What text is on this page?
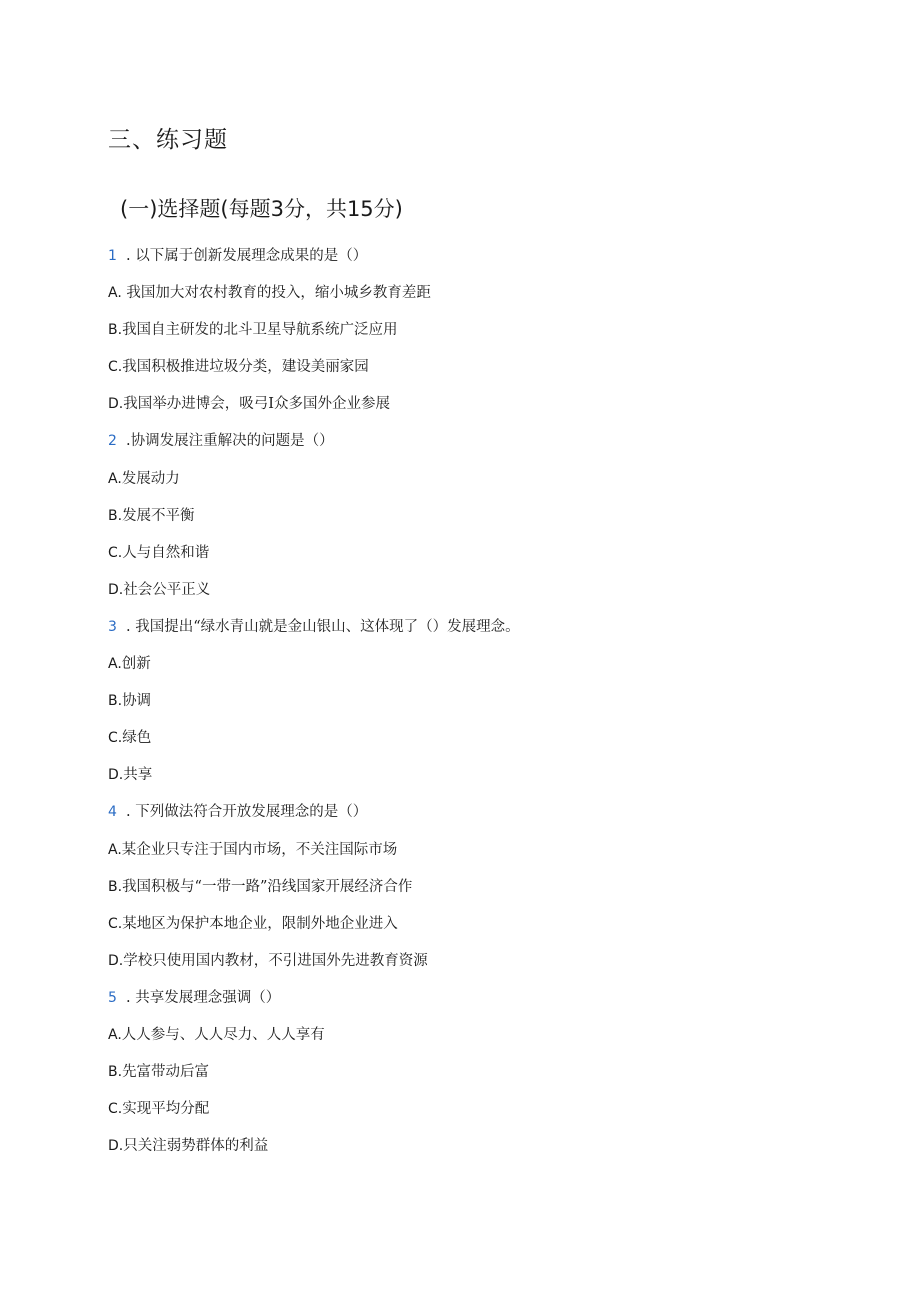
三、练习题
(一)选择题(每题3分，共15分)
1 . 以下属于创新发展理念成果的是（）
A. 我国加大对农村教育的投入，缩小城乡教育差距
B.我国自主研发的北斗卫星导航系统广泛应用
C.我国积极推进垃圾分类，建设美丽家园
D.我国举办进博会，吸弓I众多国外企业参展
2 .协调发展注重解决的问题是（）
A.发展动力
B.发展不平衡
C.人与自然和谐
D.社会公平正义
3 . 我国提出“绿水青山就是金山银山、这体现了（）发展理念。
A.创新
B.协调
C.绿色
D.共享
4 . 下列做法符合开放发展理念的是（）
A.某企业只专注于国内市场，不关注国际市场
B.我国积极与“一带一路”沿线国家开展经济合作
C.某地区为保护本地企业，限制外地企业进入
D.学校只使用国内教材，不引进国外先进教育资源
5 . 共享发展理念强调（）
A.人人参与、人人尽力、人人享有
B.先富带动后富
C.实现平均分配
D.只关注弱势群体的利益
